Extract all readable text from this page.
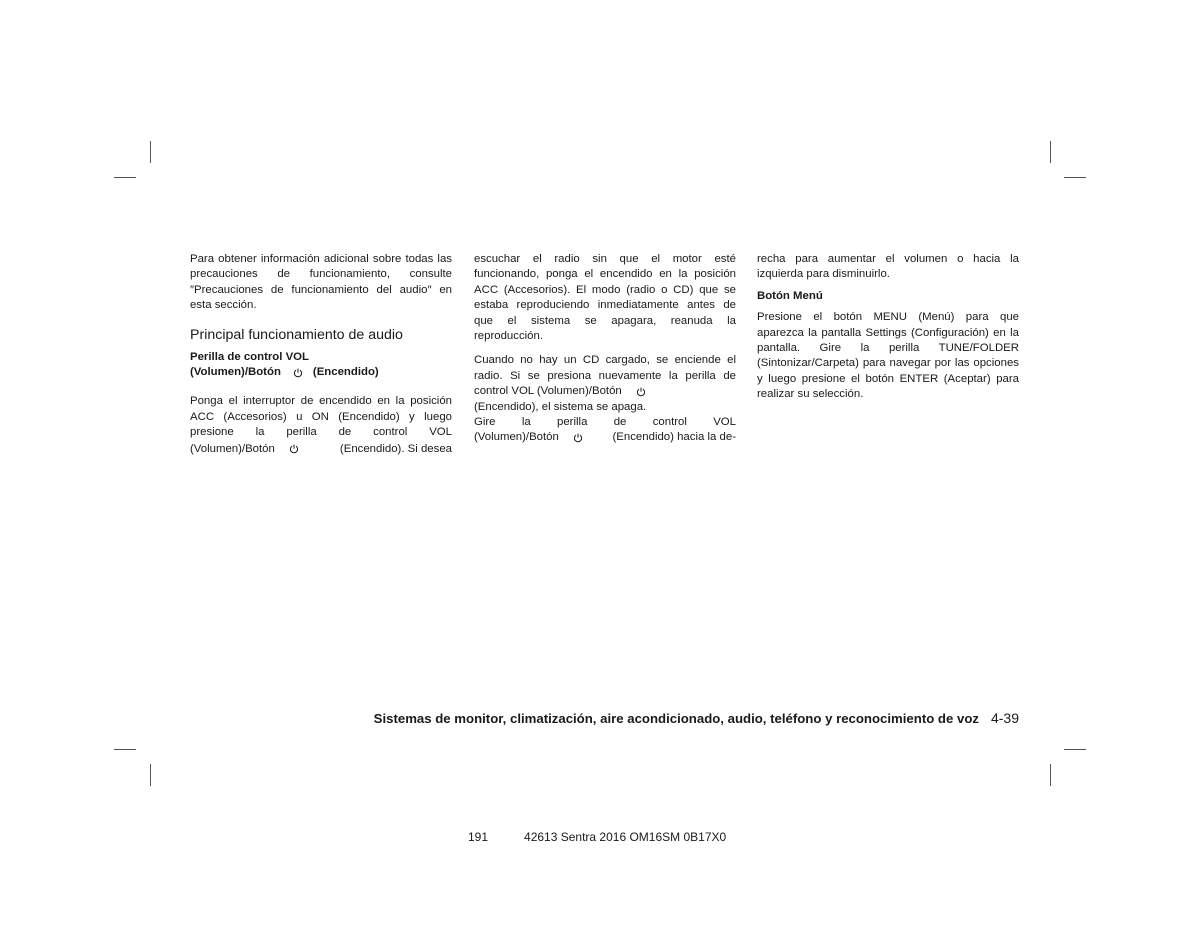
Para obtener información adicional sobre todas las precauciones de funcionamiento, consulte ″Precauciones de funcionamiento del audio″ en esta sección.

Principal funcionamiento de audio
Perilla de control VOL
(Volumen)/Botón	(Encendido)

Ponga el interruptor de encendido en la posición ACC (Accesorios) u ON (Encendido) y luego presione la perilla de control VOL

(Volumen)/Botón	(Encendido). Si desea

escuchar el radio sin que el motor esté funcionando, ponga el encendido en la posición ACC (Accesorios). El modo (radio o CD) que se estaba reproduciendo inmediatamente antes de que el sistema se apagara, reanuda la reproducción.

Cuando no hay un CD cargado, se enciende el radio. Si se presiona nuevamente la perilla de

control VOL (Volumen)/Botón

(Encendido), el sistema se apaga.

Gire la perilla de control VOL

(Volumen)/Botón	(Encendido) hacia la de-

recha para aumentar el volumen o hacia la izquierda para disminuirlo.

Botón Menú

Presione el botón MENU (Menú) para que aparezca la pantalla Settings (Configuración) en la pantalla. Gire la perilla TUNE/FOLDER (Sintonizar/Carpeta) para navegar por las opciones y luego presione el botón ENTER (Aceptar) para realizar su selección.

Sistemas de monitor, climatización, aire acondicionado, audio, teléfono y reconocimiento de voz 4-39
191	42613 Sentra 2016 OM16SM 0B17X0
